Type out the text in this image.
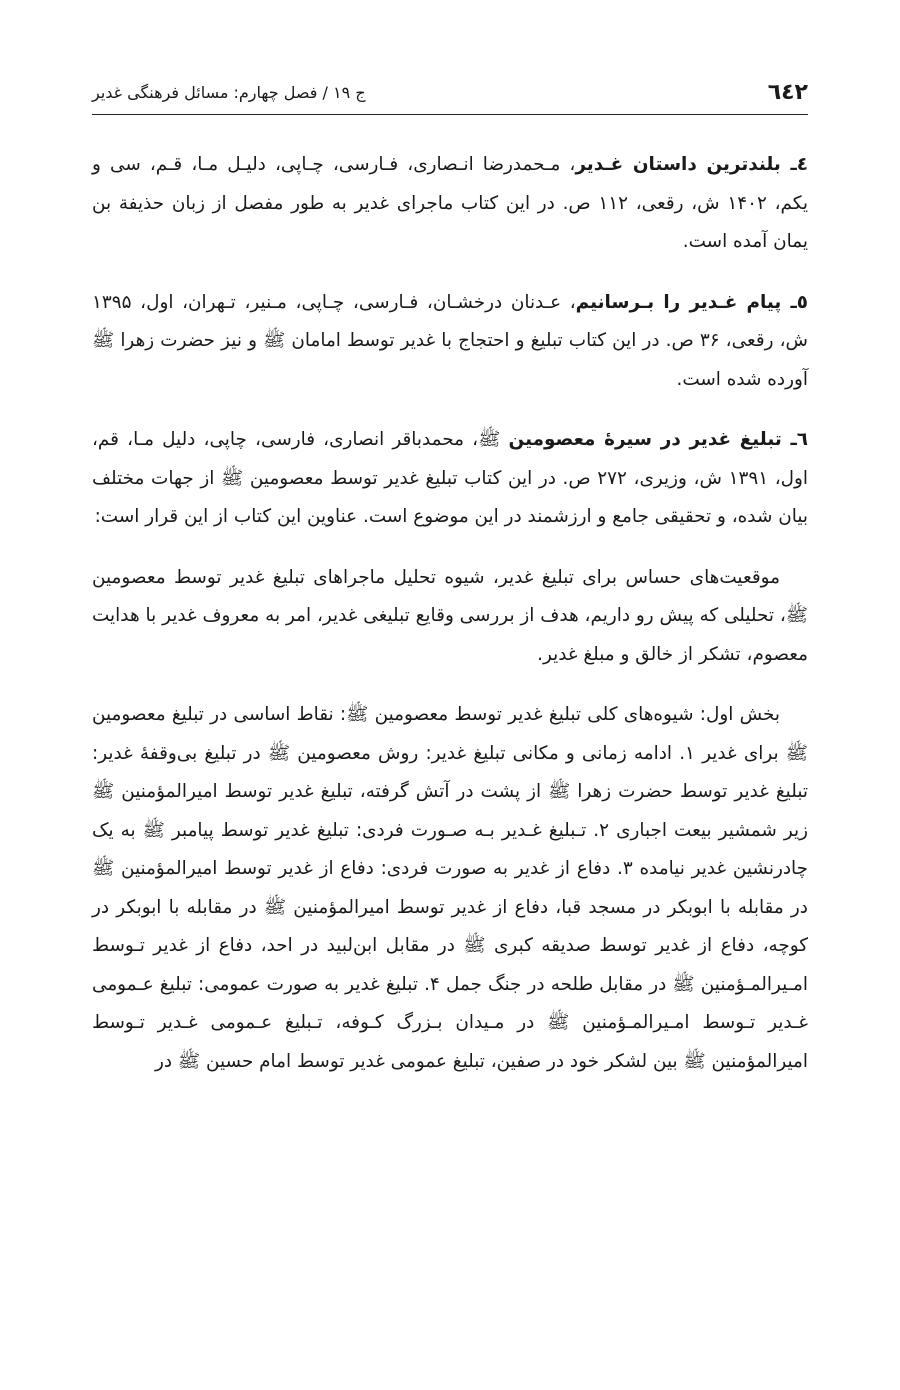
٦٤٢
ج ۱۹ / فصل چهارم: مسائل فرهنگی غدیر

٤ـ بلندترین داستان غـدیر، مـحمدرضا انـصاری، فـارسی، چـاپی، دلیـل مـا، قـم، سی و یکم، ۱۴۰۲ ش، رقعی، ۱۱۲ ص. در این کتاب ماجرای غدیر به طور مفصل از زبان حذیفة بن یمان آمده است.

٥ـ پیام غـدیر را بـرسانیم، عـدنان درخشـان، فـارسی، چـاپی، مـنیر، تـهران، اول، ۱۳۹۵ ش، رقعی، ۳۶ ص. در این کتاب تبلیغ و احتجاج با غدیر توسط امامان ﷺ و نیز حضرت زهرا ﷺ آورده شده است.

٦ـ تبلیغ غدیر در سیرۀ معصومین ﷺ، محمدباقر انصاری، فارسی، چاپی، دلیل مـا، قم، اول، ۱۳۹۱ ش، وزیری، ۲۷۲ ص. در این کتاب تبلیغ غدیر توسط معصومین ﷺ از جهات مختلف بیان شده، و تحقیقی جامع و ارزشمند در این موضوع است. عناوین این کتاب از این قرار است:

موقعیت‌های حساس برای تبلیغ غدیر، شیوه تحلیل ماجراهای تبلیغ غدیر توسط معصومین ﷺ، تحلیلی که پیش رو داریم، هدف از بررسی وقایع تبلیغی غدیر، امر به معروف غدیر با هدایت معصوم، تشکر از خالق و مبلغ غدیر.

بخش اول: شیوه‌های کلی تبلیغ غدیر توسط معصومین ﷺ: نقاط اساسی در تبلیغ معصومین ﷺ برای غدیر ۱. ادامه زمانی و مکانی تبلیغ غدیر: روش معصومین ﷺ در تبلیغ بی‌وقفۀ غدیر: تبلیغ غدیر توسط حضرت زهرا ﷺ از پشت در آتش گرفته، تبلیغ غدیر توسط امیرالمؤمنین ﷺ زیر شمشیر بیعت اجباری ۲. تـبلیغ غـدیر بـه صـورت فردی: تبلیغ غدیر توسط پیامبر ﷺ به یک چادرنشین غدیر نیامده ۳. دفاع از غدیر به صورت فردی: دفاع از غدیر توسط امیرالمؤمنین ﷺ در مقابله با ابوبکر در مسجد قبا، دفاع از غدیر توسط امیرالمؤمنین ﷺ در مقابله با ابوبکر در کوچه، دفاع از غدیر توسط صدیقه کبری ﷺ در مقابل ابن‌لبید در احد، دفاع از غدیر تـوسط امـیرالمـؤمنین ﷺ در مقابل طلحه در جنگ جمل ۴. تبلیغ غدیر به صورت عمومی: تبلیغ عـمومی غـدیر تـوسط امـیرالمـؤمنین ﷺ در مـیدان بـزرگ کـوفه، تـبلیغ عـمومی غـدیر تـوسط امیرالمؤمنین ﷺ بین لشکر خود در صفین، تبلیغ عمومی غدیر توسط امام حسین ﷺ در
